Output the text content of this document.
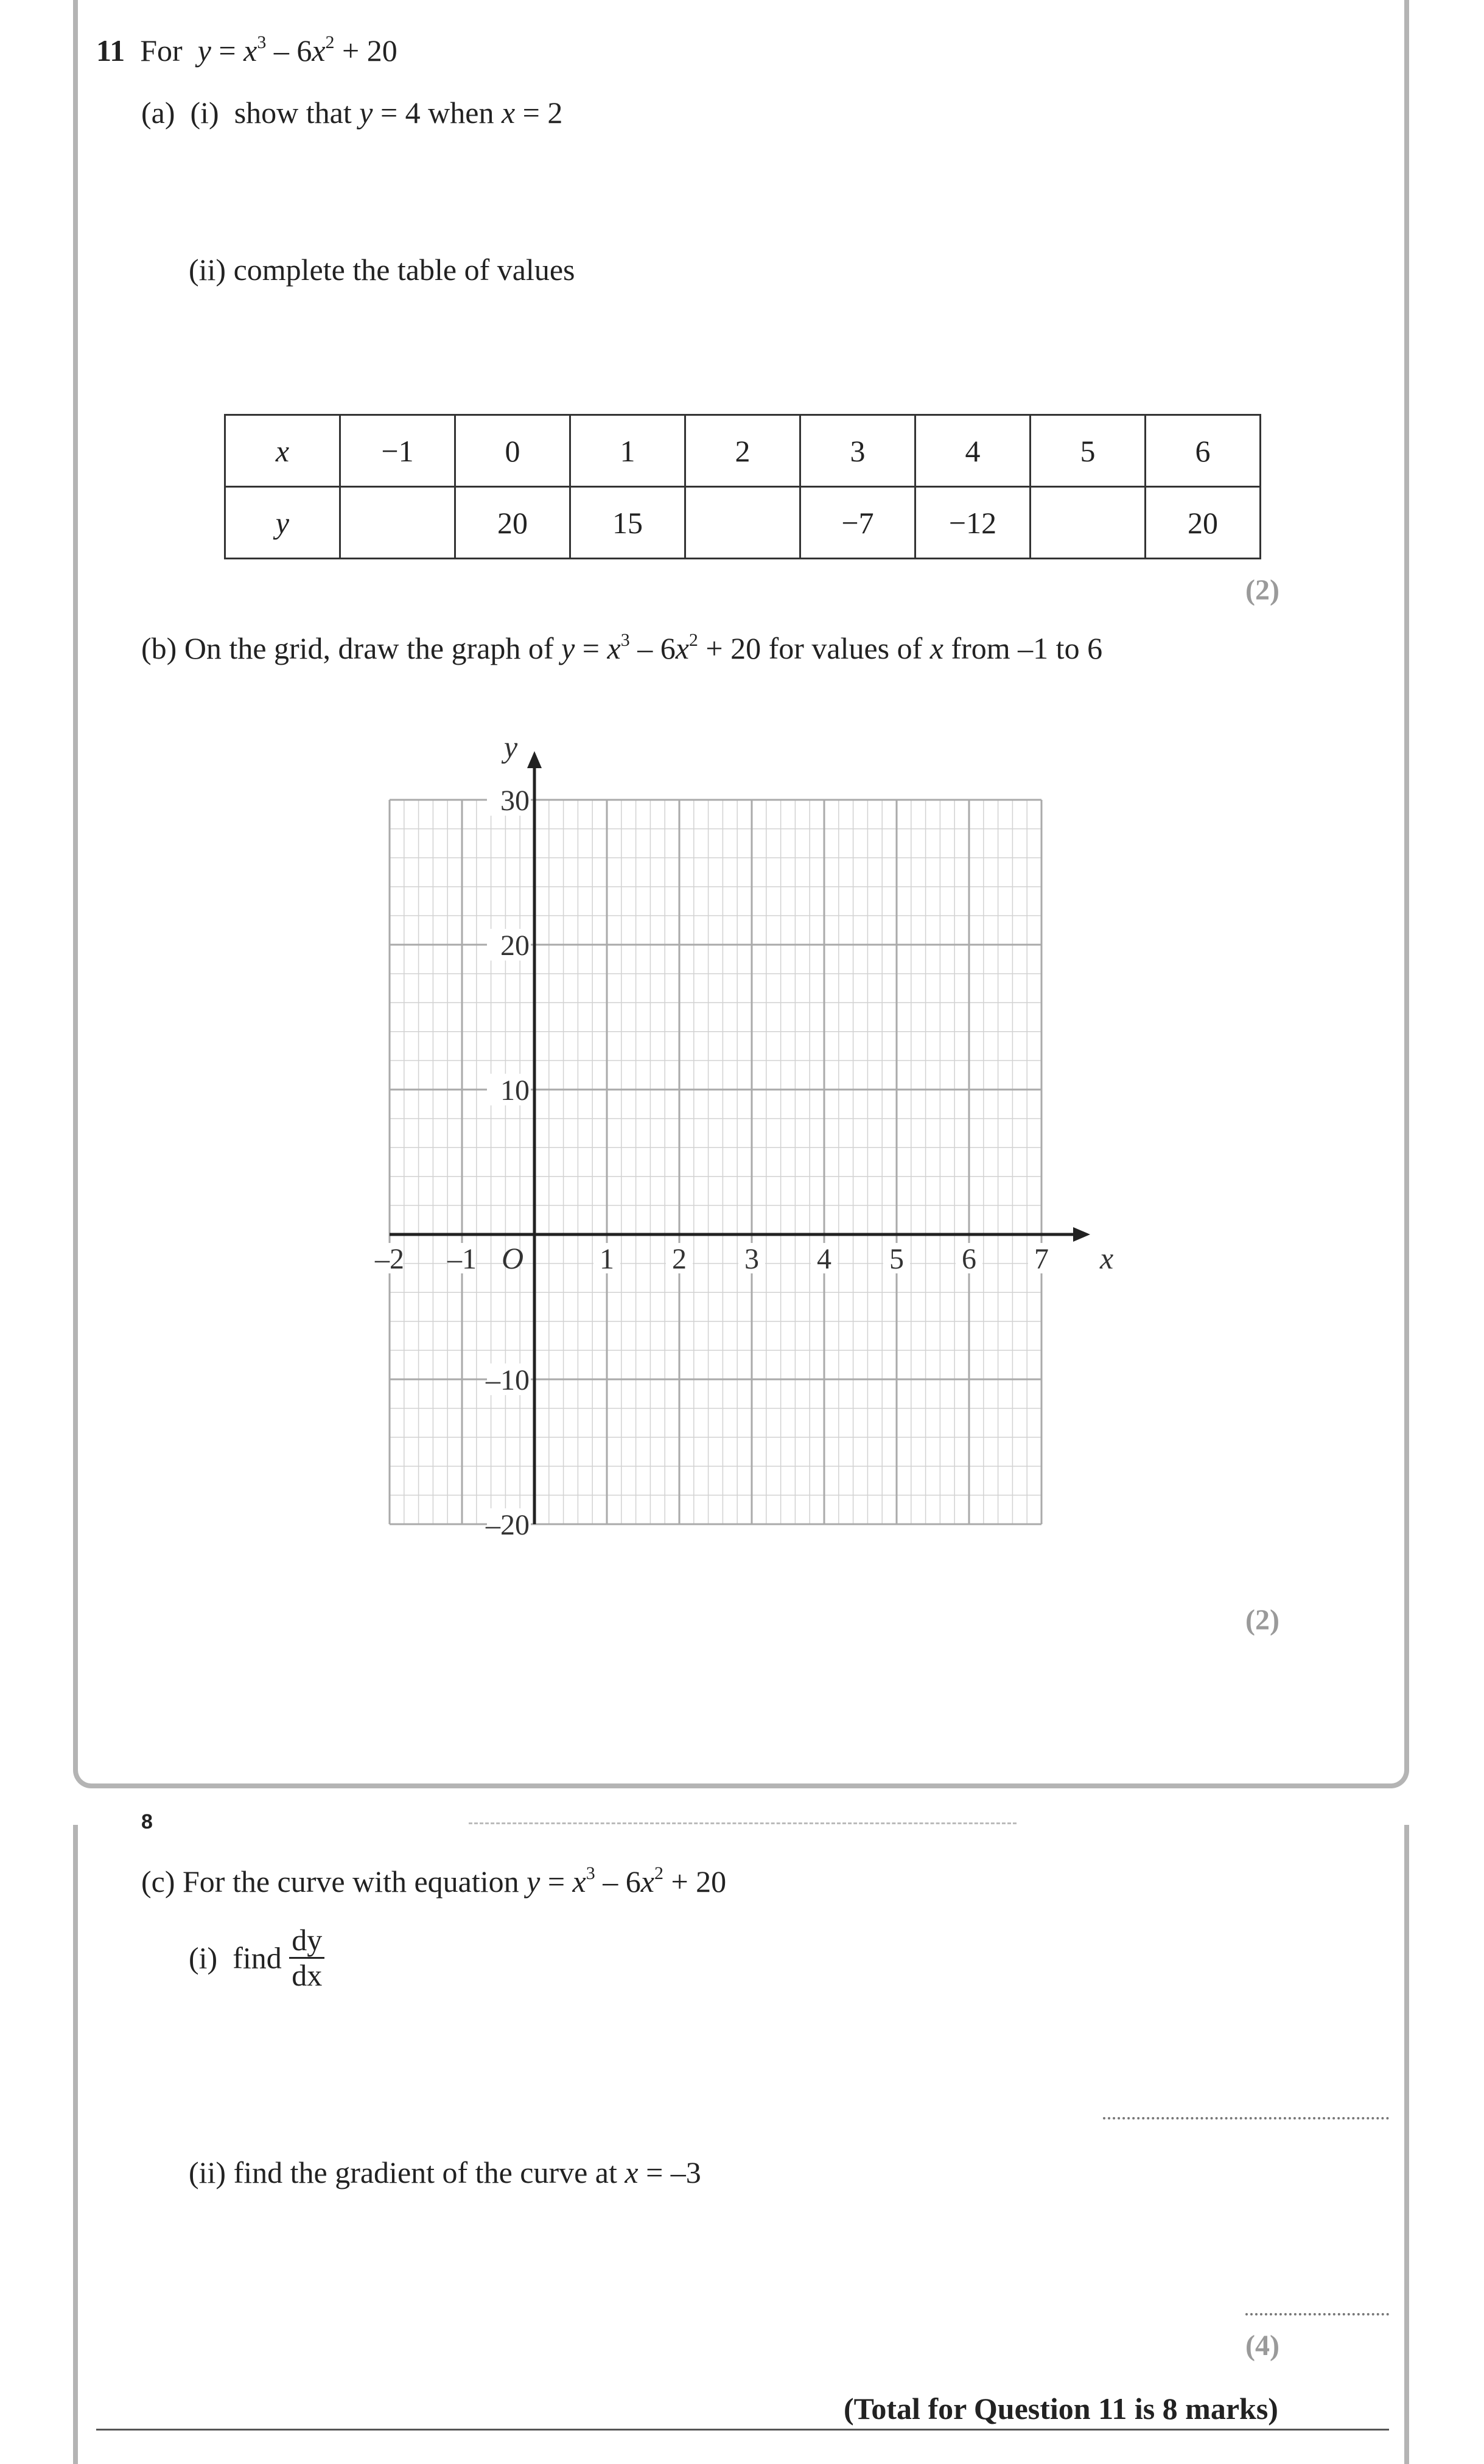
11 For $y = x^3 - 6x^2 + 20$
(a) (i) show that y = 4 when x = 2
(ii) complete the table of values
x	−1	0	1	2	3	4	5	6
y		20	15		−7	−12		20
(2)
(b) On the grid, draw the graph of $y = x^3 - 6x^2 + 20$ for values of x from –1 to 6
–2 –1	1 2 3 4 5 6 7
30
20
10
–10
–20
O	x
y
(2)
8
(c) For the curve with equation $y = x^3 - 6x^2 + 20$
(i) find $\frac{dy}{dx}$
(ii) find the gradient of the curve at x = –3
(4)
(Total for Question 11 is 8 marks)
